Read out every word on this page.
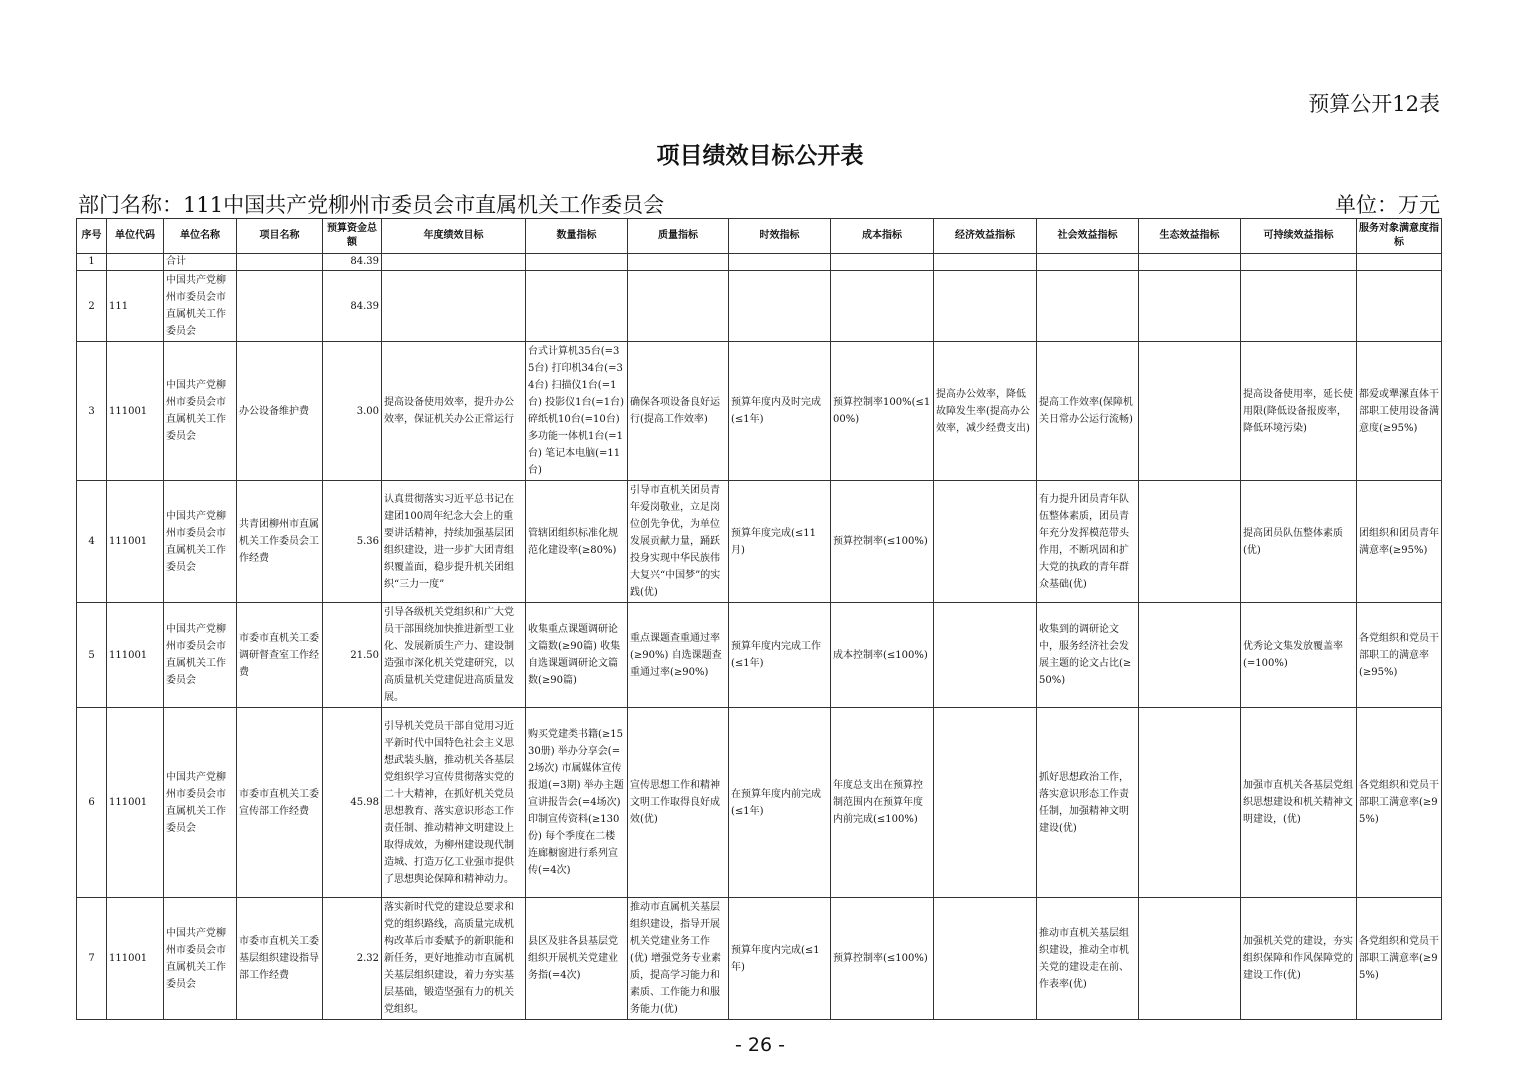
预算公开12表
项目绩效目标公开表
部门名称：111中国共产党柳州市委员会市直属机关工作委员会	单位：万元
序号	单位代码	单位名称	项目名称	预算资金总额	年度绩效目标	数量指标	质量指标	时效指标	成本指标	经济效益指标	社会效益指标	生态效益指标	可持续效益指标	服务对象满意度指标
1		合计		84.39										
2	111	中国共产党柳州市委员会市直属机关工作委员会		84.39										
3	111001	中国共产党柳州市委员会市直属机关工作委员会	办公设备维护费	3.00	提高设备使用效率，提升办公效率，保证机关办公正常运行	台式计算机35台(=35台) 打印机34台(=34台) 扫描仪1台(=1台) 投影仪1台(=1台) 碎纸机10台(=10台) 多功能一体机1台(=1台) 笔记本电脑(=11台)	确保各项设备良好运行(提高工作效率)	预算年度内及时完成(≤1年)	预算控制率100%(≤100%)	提高办公效率，降低故障发生率(提高办公效率，减少经费支出)	提高工作效率(保障机关日常办公运行流畅)		提高设备使用率，延长使用限(降低设备报废率，降低环境污染)	都爱或犟漯直体干部职工使用设备满意度(≥95%)
4	111001	中国共产党柳州市委员会市直属机关工作委员会	共青团柳州市直属机关工作委员会工作经费	5.36	认真贯彻落实习近平总书记在建团100周年纪念大会上的重要讲话精神，持续加强基层团组织建设，进一步扩大团青组织覆盖面，稳步提升机关团组织“三力一度”	管辖团组织标准化规范化建设率(≥80%)	引导市直机关团员青年爱岗敬业，立足岗位创先争优，为单位发展贡献力量，踊跃投身实现中华民族伟大复兴“中国梦”的实践(优)	预算年度完成(≤11月)	预算控制率(≤100%)		有力提升团员青年队伍整体素质，团员青年充分发挥模范带头作用，不断巩固和扩大党的执政的青年群众基础(优)		提高团员队伍整体素质(优)	团组织和团员青年满意率(≥95%)
5	111001	中国共产党柳州市委员会市直属机关工作委员会	市委市直机关工委调研督查室工作经费	21.50	引导各级机关党组织和广大党员干部围绕加快推进新型工业化、发展新质生产力、建设制造强市深化机关党建研究，以高质量机关党建促进高质量发展。	收集重点课题调研论文篇数(≥90篇) 收集自选课题调研论文篇数(≥90篇)	重点课题查重通过率(≥90%) 自选课题查重通过率(≥90%)	预算年度内完成工作(≤1年)	成本控制率(≤100%)		收集到的调研论文中，服务经济社会发展主题的论文占比(≥50%)		优秀论文集发放覆盖率(=100%)	各党组织和党员干部职工的满意率(≥95%)
6	111001	中国共产党柳州市委员会市直属机关工作委员会	市委市直机关工委宣传部工作经费	45.98	引导机关党员干部自觉用习近平新时代中国特色社会主义思想武装头脑，推动机关各基层党组织学习宣传贯彻落实党的二十大精神，在抓好机关党员思想教育、落实意识形态工作责任制、推动精神文明建设上取得成效，为柳州建设现代制造城、打造万亿工业强市提供了思想舆论保障和精神动力。	购买党建类书籍(≥1530册) 举办分享会(=2场次) 市属媒体宣传报道(=3期) 举办主题宣讲报告会(=4场次) 印制宣传资料(≥130份) 每个季度在二楼连廊橱窗进行系列宣传(=4次)	宣传思想工作和精神文明工作取得良好成效(优)	在预算年度内前完成(≤1年)	年度总支出在预算控制范围内在预算年度内前完成(≤100%)		抓好思想政治工作，落实意识形态工作责任制，加强精神文明建设(优)		加强市直机关各基层党组织思想建设和机关精神文明建设，(优)	各党组织和党员干部职工满意率(≥95%)
7	111001	中国共产党柳州市委员会市直属机关工作委员会	市委市直机关工委基层组织建设指导部工作经费	2.32	落实新时代党的建设总要求和党的组织路线，高质量完成机构改革后市委赋予的新职能和新任务，更好地推动市直属机关基层组织建设，着力夯实基层基础，锻造坚强有力的机关党组织。	县区及驻各县基层党组织开展机关党建业务指(=4次)	推动市直属机关基层组织建设，指导开展机关党建业务工作(优) 增强党务专业素质，提高学习能力和素质、工作能力和服务能力(优)	预算年度内完成(≤1年)	预算控制率(≤100%)		推动市直机关基层组织建设，推动全市机关党的建设走在前、作表率(优)		加强机关党的建设，夯实组织保障和作风保障党的建设工作(优)	各党组织和党员干部职工满意率(≥95%)
- 26 -
